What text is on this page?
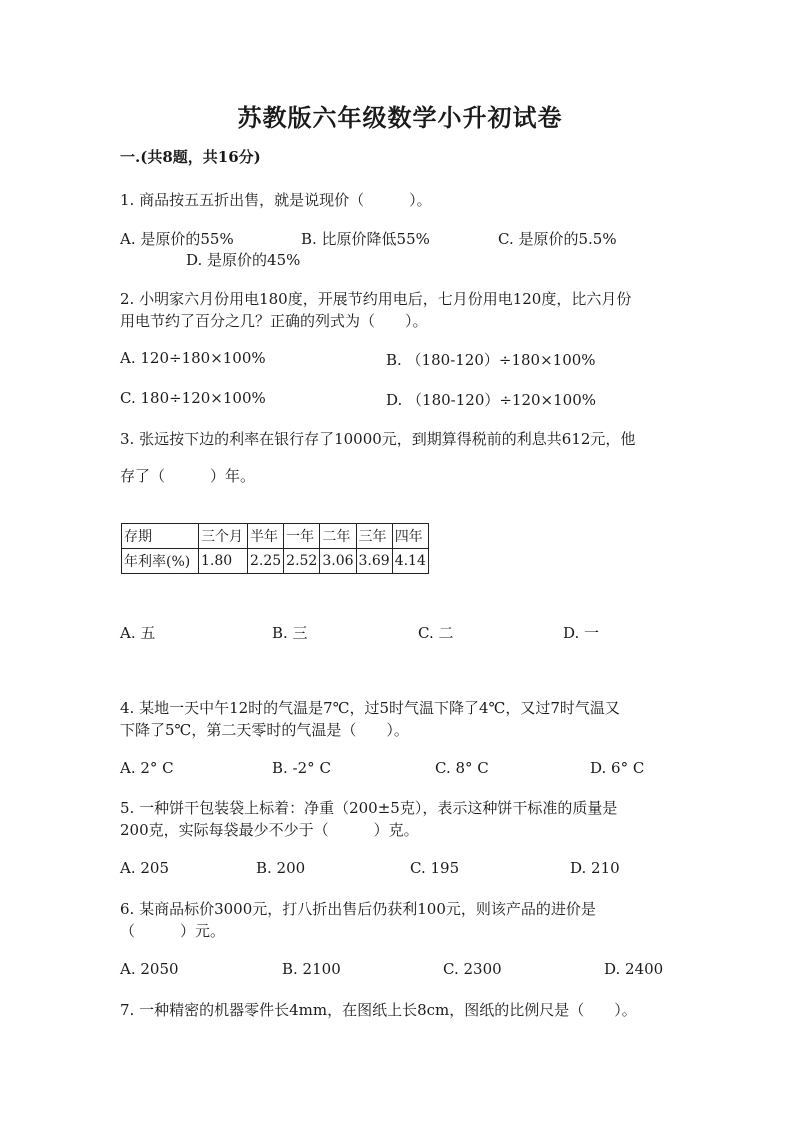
苏教版六年级数学小升初试卷
一.(共8题，共16分)
1. 商品按五五折出售，就是说现价（　　　）。
A. 是原价的55%	B. 比原价降低55%	C. 是原价的5.5%
D. 是原价的45%
2. 小明家六月份用电180度，开展节约用电后，七月份用电120度，比六月份
用电节约了百分之几？正确的列式为（　　）。
A. 120÷180×100%	B. （180-120）÷180×100%
C. 180÷120×100%	D. （180-120）÷120×100%
3. 张远按下边的利率在银行存了10000元，到期算得税前的利息共612元，他
存了（　　　）年。
存期	三个月	半年	一年	二年	三年	四年
年利率(%)	1.80	2.25	2.52	3.06	3.69	4.14
A. 五	B. 三	C. 二	D. 一
4. 某地一天中午12时的气温是7℃，过5时气温下降了4℃，又过7时气温又
下降了5℃，第二天零时的气温是（　　）。
A. 2° C	B. -2° C	C. 8° C	D. 6° C
5. 一种饼干包装袋上标着：净重（200±5克），表示这种饼干标准的质量是
200克，实际每袋最少不少于（　　　）克。
A. 205	B. 200	C. 195	D. 210
6. 某商品标价3000元，打八折出售后仍获利100元，则该产品的进价是
（　　　）元。
A. 2050	B. 2100	C. 2300	D. 2400
7. 一种精密的机器零件长4mm，在图纸上长8cm，图纸的比例尺是（　　）。
